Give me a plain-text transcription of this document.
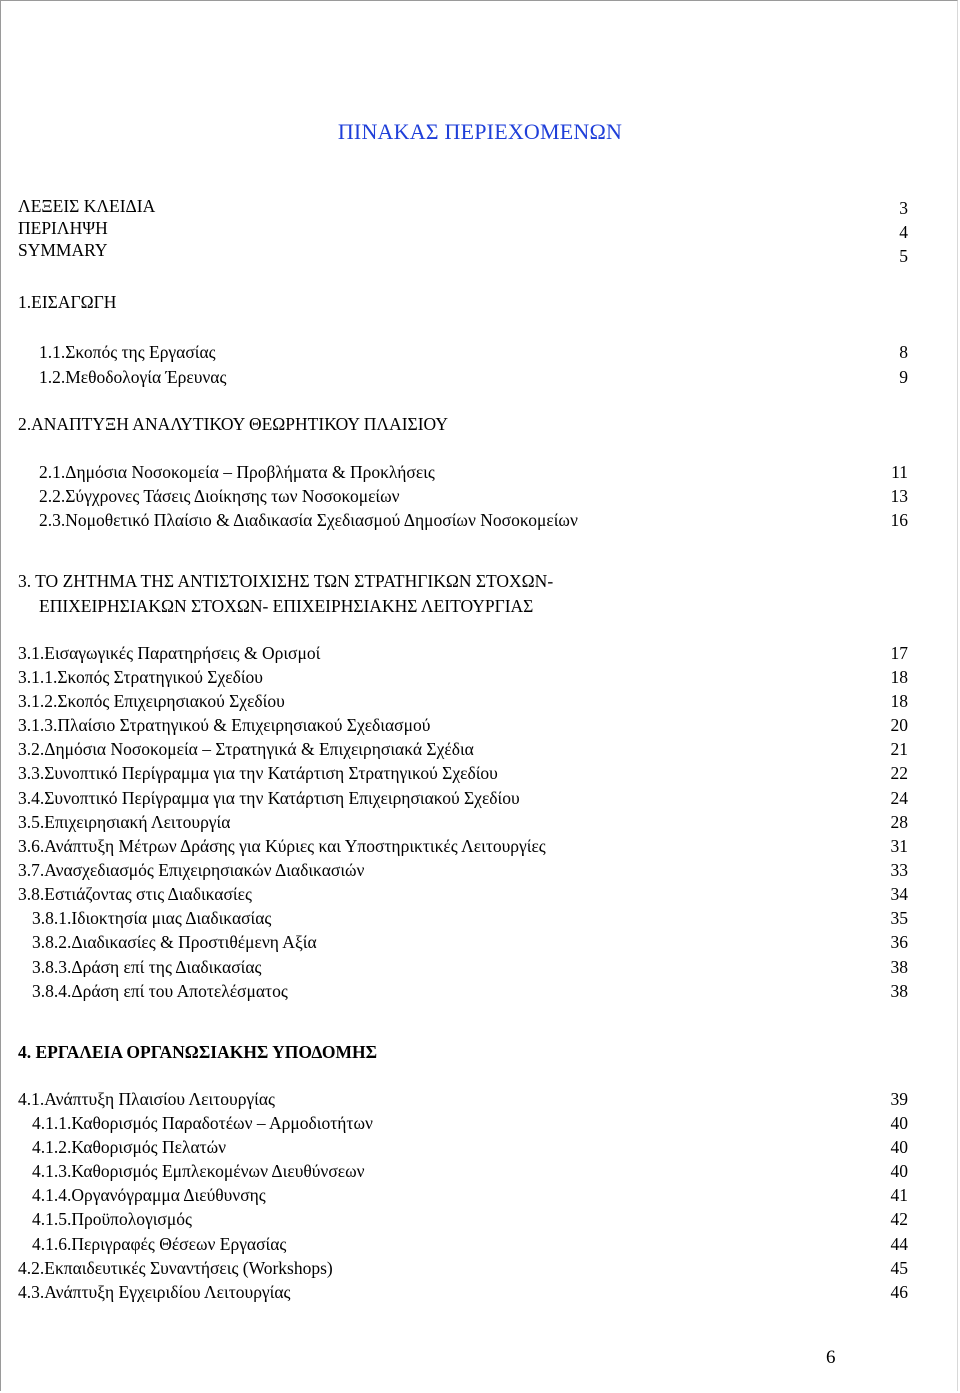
ΠΙΝΑΚΑΣ ΠΕΡΙΕΧΟΜΕΝΩΝ
ΛΕΞΕΙΣ ΚΛΕΙΔΙΑ	3
ΠΕΡΙΛΗΨΗ	4
SYMMARY	5
1.ΕΙΣΑΓΩΓΗ
1.1.Σκοπός της Εργασίας	8
1.2.Μεθοδολογία Έρευνας	9
2.ΑΝΑΠΤΥΞΗ ΑΝΑΛΥΤΙΚΟΥ ΘΕΩΡΗΤΙΚΟΥ ΠΛΑΙΣΙΟΥ
2.1.Δημόσια Νοσοκομεία – Προβλήματα & Προκλήσεις	11
2.2.Σύγχρονες Τάσεις Διοίκησης των Νοσοκομείων	13
2.3.Νομοθετικό Πλαίσιο & Διαδικασία Σχεδιασμού Δημοσίων Νοσοκομείων	16
3. ΤΟ ΖΗΤΗΜΑ ΤΗΣ ΑΝΤΙΣΤΟΙΧΙΣΗΣ ΤΩΝ ΣΤΡΑΤΗΓΙΚΩΝ ΣΤΟΧΩΝ-
ΕΠΙΧΕΙΡΗΣΙΑΚΩΝ ΣΤΟΧΩΝ- ΕΠΙΧΕΙΡΗΣΙΑΚΗΣ ΛΕΙΤΟΥΡΓΙΑΣ
3.1.Εισαγωγικές Παρατηρήσεις & Ορισμοί	17
3.1.1.Σκοπός Στρατηγικού Σχεδίου	18
3.1.2.Σκοπός Επιχειρησιακού Σχεδίου	18
3.1.3.Πλαίσιο Στρατηγικού & Επιχειρησιακού Σχεδιασμού	20
3.2.Δημόσια Νοσοκομεία – Στρατηγικά & Επιχειρησιακά Σχέδια	21
3.3.Συνοπτικό Περίγραμμα για την Κατάρτιση Στρατηγικού Σχεδίου	22
3.4.Συνοπτικό Περίγραμμα για την Κατάρτιση Επιχειρησιακού Σχεδίου	24
3.5.Επιχειρησιακή Λειτουργία	28
3.6.Ανάπτυξη Μέτρων Δράσης για Κύριες και Υποστηρικτικές Λειτουργίες	31
3.7.Ανασχεδιασμός Επιχειρησιακών Διαδικασιών	33
3.8.Εστιάζοντας στις Διαδικασίες	34
3.8.1.Ιδιοκτησία μιας Διαδικασίας	35
3.8.2.Διαδικασίες & Προστιθέμενη Αξία	36
3.8.3.Δράση επί της Διαδικασίας	38
3.8.4.Δράση επί του Αποτελέσματος	38
4. ΕΡΓΑΛΕΙΑ ΟΡΓΑΝΩΣΙΑΚΗΣ ΥΠΟΔΟΜΗΣ
4.1.Ανάπτυξη Πλαισίου Λειτουργίας	39
4.1.1.Καθορισμός Παραδοτέων – Αρμοδιοτήτων	40
4.1.2.Καθορισμός Πελατών	40
4.1.3.Καθορισμός Εμπλεκομένων Διευθύνσεων	40
4.1.4.Οργανόγραμμα Διεύθυνσης	41
4.1.5.Προϋπολογισμός	42
4.1.6.Περιγραφές Θέσεων Εργασίας	44
4.2.Εκπαιδευτικές Συναντήσεις (Workshops)	45
4.3.Ανάπτυξη Εγχειριδίου Λειτουργίας	46
6
